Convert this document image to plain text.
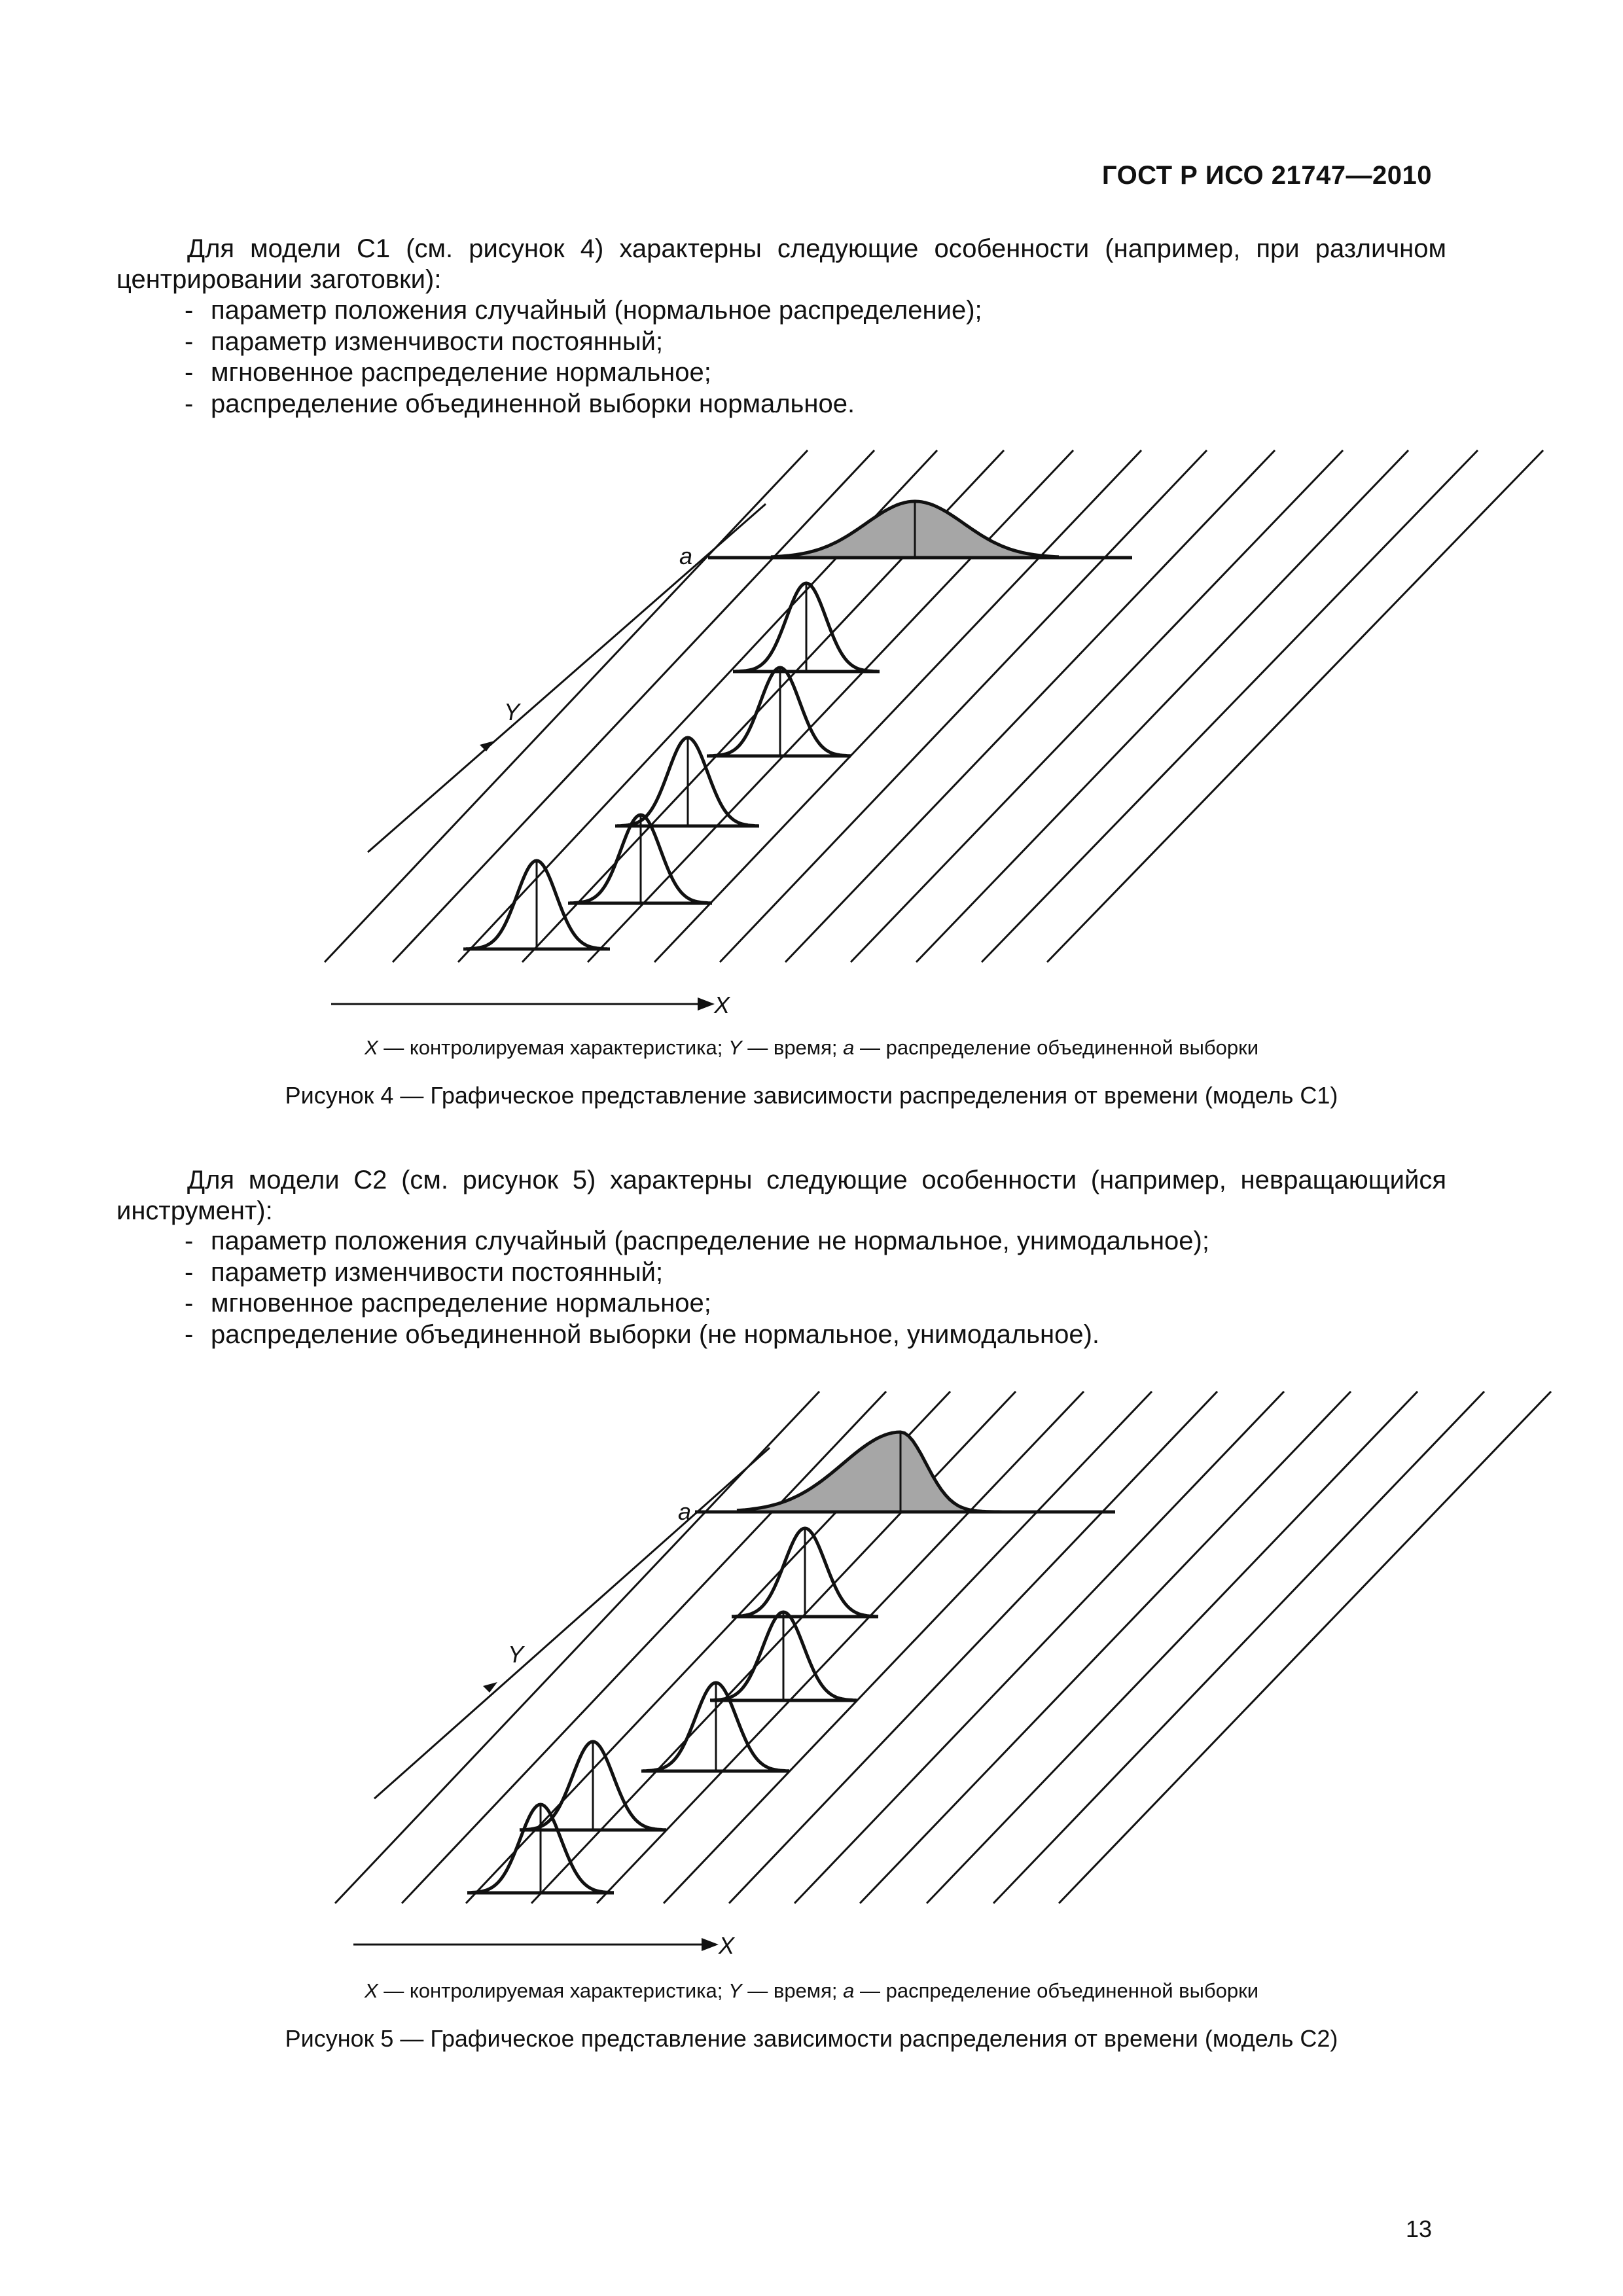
ГОСТ Р ИСО 21747—2010
Для модели С1 (см. рисунок 4) характерны следующие особенности (например, при различном центрировании заготовки):
- параметр положения случайный (нормальное распределение);
- параметр изменчивости постоянный;
- мгновенное распределение нормальное;
- распределение объединенной выборки нормальное.
X
Y
a
X — контролируемая характеристика; Y — время; a — распределение объединенной выборки
Рисунок 4 — Графическое представление зависимости распределения от времени (модель С1)
Для модели С2 (см. рисунок 5) характерны следующие особенности (например, невращающийся инструмент):
- параметр положения случайный (распределение не нормальное, унимодальное);
- параметр изменчивости постоянный;
- мгновенное распределение нормальное;
- распределение объединенной выборки (не нормальное, унимодальное).
X
Y
a
X — контролируемая характеристика; Y — время; a — распределение объединенной выборки
Рисунок 5 — Графическое представление зависимости распределения от времени (модель С2)
13
